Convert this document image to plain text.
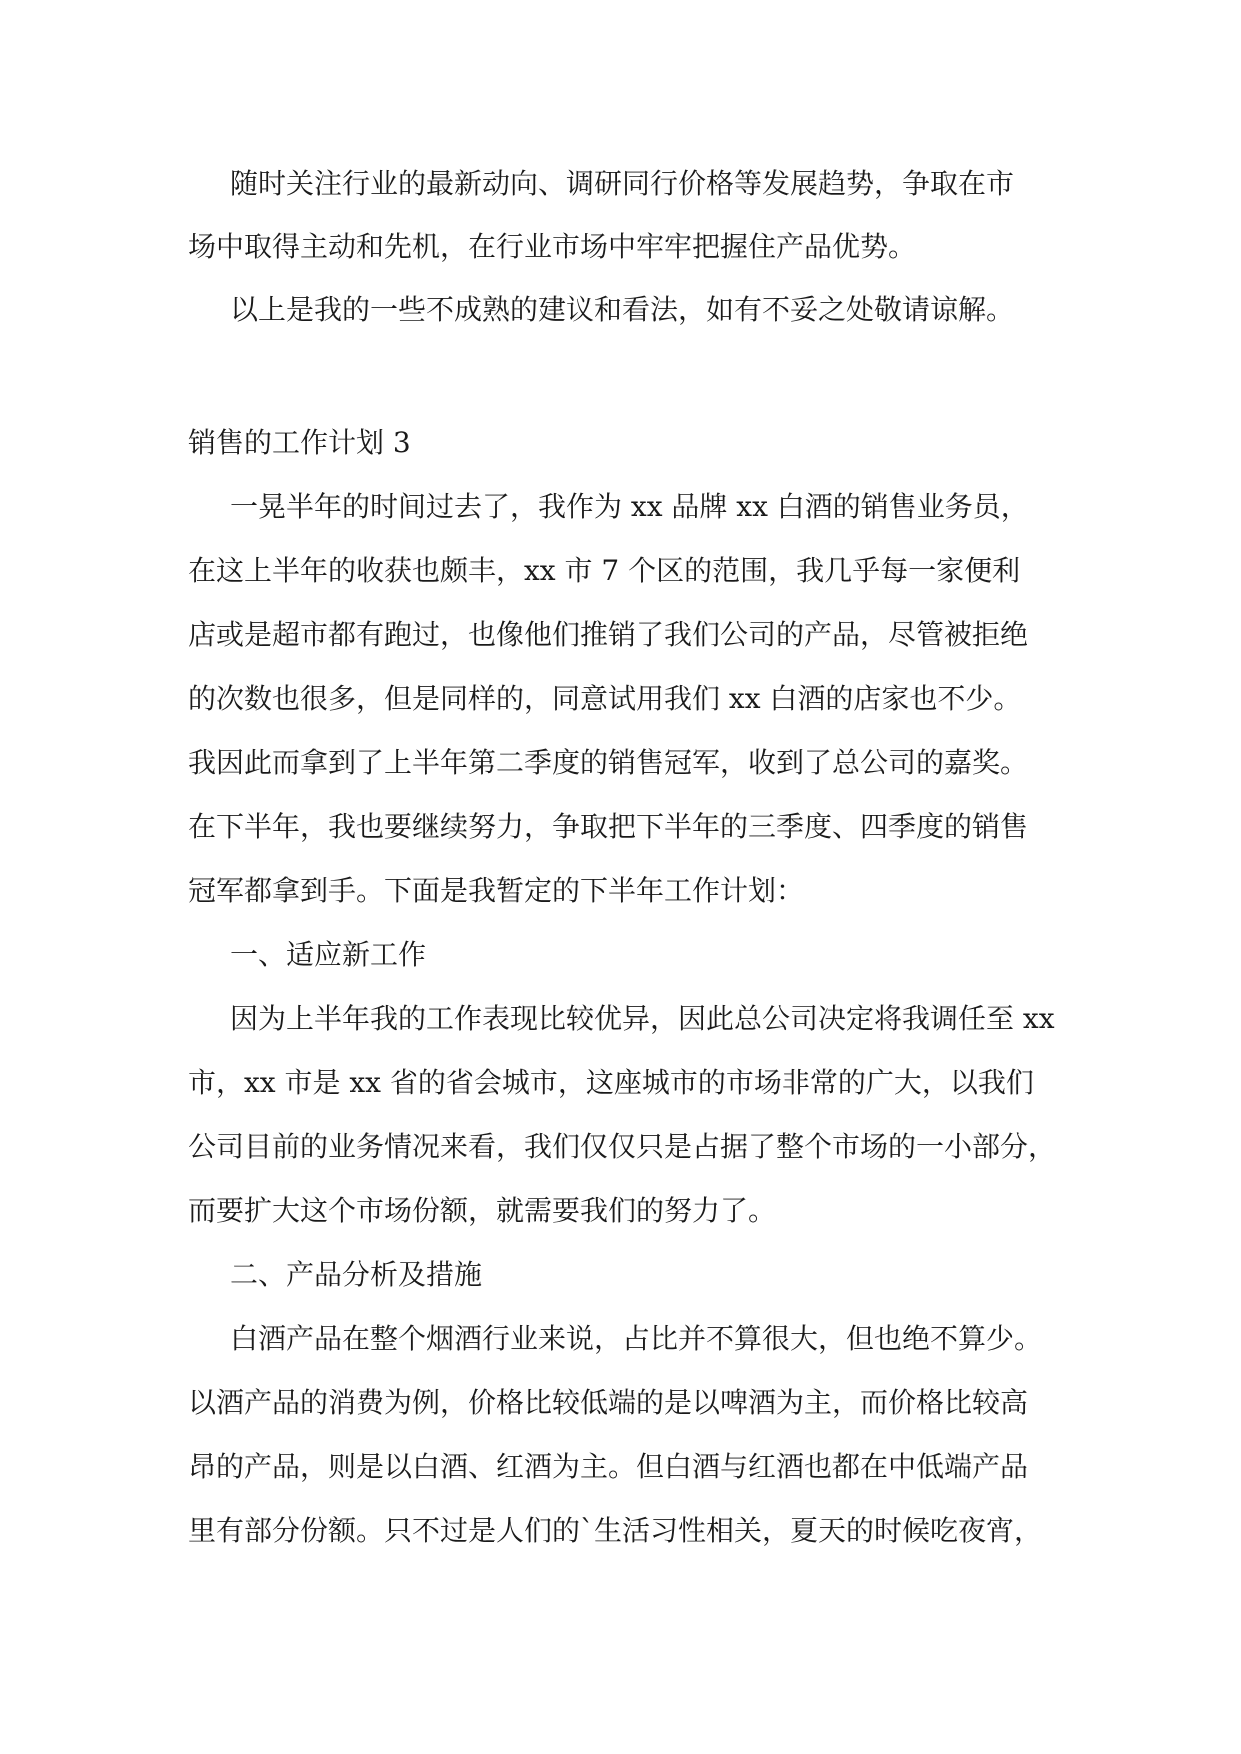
随时关注行业的最新动向、调研同行价格等发展趋势，争取在市
场中取得主动和先机，在行业市场中牢牢把握住产品优势。
以上是我的一些不成熟的建议和看法，如有不妥之处敬请谅解。
销售的工作计划 3
一晃半年的时间过去了，我作为 xx 品牌 xx 白酒的销售业务员，
在这上半年的收获也颇丰，xx 市 7 个区的范围，我几乎每一家便利
店或是超市都有跑过，也像他们推销了我们公司的产品，尽管被拒绝
的次数也很多，但是同样的，同意试用我们 xx 白酒的店家也不少。
我因此而拿到了上半年第二季度的销售冠军，收到了总公司的嘉奖。
在下半年，我也要继续努力，争取把下半年的三季度、四季度的销售
冠军都拿到手。下面是我暂定的下半年工作计划：
一、适应新工作
因为上半年我的工作表现比较优异，因此总公司决定将我调任至 xx
市，xx 市是 xx 省的省会城市，这座城市的市场非常的广大，以我们
公司目前的业务情况来看，我们仅仅只是占据了整个市场的一小部分，
而要扩大这个市场份额，就需要我们的努力了。
二、产品分析及措施
白酒产品在整个烟酒行业来说，占比并不算很大，但也绝不算少。
以酒产品的消费为例，价格比较低端的是以啤酒为主，而价格比较高
昂的产品，则是以白酒、红酒为主。但白酒与红酒也都在中低端产品
里有部分份额。只不过是人们的`生活习性相关，夏天的时候吃夜宵，
